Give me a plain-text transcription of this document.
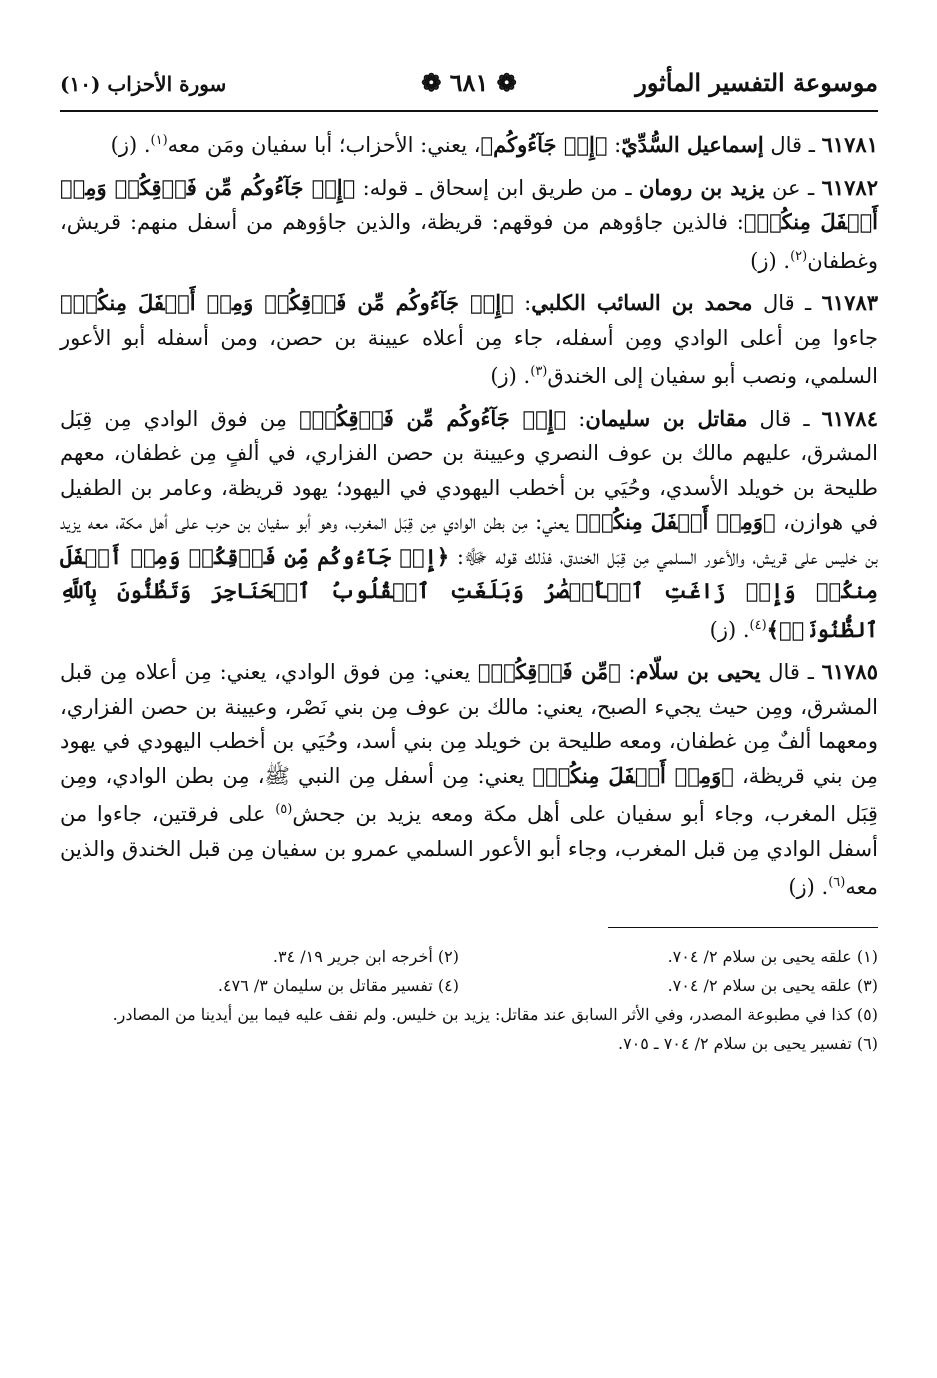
موسوعة التفسير المأثور
❁ ٦٨١ ❁
سورة الأحزاب (١٠)

٦١٧٨١ ـ قال إسماعيل السُّدِّيّ: ﴿إِذۡ جَآءُوكُم﴾، يعني: الأحزاب؛ أبا سفيان ومَن معه$^{(١)}$. (ز)

٦١٧٨٢ ـ عن يزيد بن رومان ـ من طريق ابن إسحاق ـ قوله: ﴿إِذۡ جَآءُوكُم مِّن فَوۡقِكُمۡ وَمِنۡ أَسۡفَلَ مِنكُمۡ﴾: فالذين جاؤوهم من فوقهم: قريظة، والذين جاؤوهم من أسفل منهم: قريش، وغطفان$^{(٢)}$. (ز)

٦١٧٨٣ ـ قال محمد بن السائب الكلبي: ﴿إِذۡ جَآءُوكُم مِّن فَوۡقِكُمۡ وَمِنۡ أَسۡفَلَ مِنكُمۡ﴾ جاءوا مِن أعلى الوادي ومِن أسفله، جاء مِن أعلاه عيينة بن حصن، ومن أسفله أبو الأعور السلمي، ونصب أبو سفيان إلى الخندق$^{(٣)}$. (ز)

٦١٧٨٤ ـ قال مقاتل بن سليمان: ﴿إِذۡ جَآءُوكُم مِّن فَوۡقِكُمۡ﴾ مِن فوق الوادي مِن قِبَل المشرق، عليهم مالك بن عوف النصري وعيينة بن حصن الفزاري، في ألفٍ مِن غطفان، معهم طليحة بن خويلد الأسدي، وحُيَي بن أخطب اليهودي في اليهود؛ يهود قريظة، وعامر بن الطفيل في هوازن، ﴿وَمِنۡ أَسۡفَلَ مِنكُمۡ﴾ يعني: مِن بطن الوادي مِن قِبَل المغرب، وهو أبو سفيان بن حرب على أهل مكة، معه يزيد بن خليس على قريش، والأعور السلمي مِن قِبَل الخندق، فذلك قوله ﷻ: ﴿إِذۡ جَآءُوكُم مِّن فَوۡقِكُمۡ وَمِنۡ أَسۡفَلَ مِنكُمۡ وَإِذۡ زَاغَتِ ٱلۡأَبۡصَٰرُ وَبَلَغَتِ ٱلۡقُلُوبُ ٱلۡحَنَاجِرَ وَتَظُنُّونَ بِٱللَّهِ ٱلظُّنُونَا۠﴾$^{(٤)}$. (ز)

٦١٧٨٥ ـ قال يحيى بن سلّام: ﴿مِّن فَوۡقِكُمۡ﴾ يعني: مِن فوق الوادي، يعني: مِن أعلاه مِن قبل المشرق، ومِن حيث يجيء الصبح، يعني: مالك بن عوف مِن بني نَصْر، وعيينة بن حصن الفزاري، ومعهما ألفٌ مِن غطفان، ومعه طليحة بن خويلد مِن بني أسد، وحُيَي بن أخطب اليهودي في يهود مِن بني قريظة، ﴿وَمِنۡ أَسۡفَلَ مِنكُمۡ﴾ يعني: مِن أسفل مِن النبي ﷺ، مِن بطن الوادي، ومِن قِبَل المغرب، وجاء أبو سفيان على أهل مكة ومعه يزيد بن جحش$^{(٥)}$ على فرقتين، جاءوا من أسفل الوادي مِن قبل المغرب، وجاء أبو الأعور السلمي عمرو بن سفيان مِن قبل الخندق والذين معه$^{(٦)}$. (ز)

(١) علقه يحيى بن سلام ٢/ ٧٠٤.

(٢) أخرجه ابن جرير ١٩/ ٣٤.

(٣) علقه يحيى بن سلام ٢/ ٧٠٤.

(٤) تفسير مقاتل بن سليمان ٣/ ٤٧٦.

(٥) كذا في مطبوعة المصدر، وفي الأثر السابق عند مقاتل: يزيد بن خليس. ولم نقف عليه فيما بين أيدينا من المصادر.

(٦) تفسير يحيى بن سلام ٢/ ٧٠٤ ـ ٧٠٥.
